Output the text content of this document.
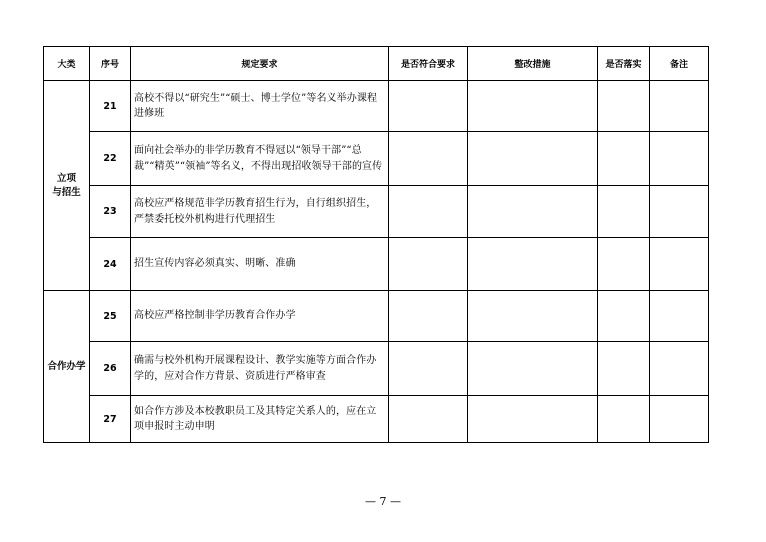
大类	序号	规定要求	是否符合要求	整改措施	是否落实	备注

立项
与招生	21	高校不得以“研究生”“硕士、博士学位”等名义举办课程进修班				
	22	面向社会举办的非学历教育不得冠以“领导干部”“总裁”“精英”“领袖”等名义，不得出现招收领导干部的宣传				
	23	高校应严格规范非学历教育招生行为，自行组织招生，严禁委托校外机构进行代理招生				
	24	招生宣传内容必须真实、明晰、准确				

合作办学	25	高校应严格控制非学历教育合作办学				
	26	确需与校外机构开展课程设计、教学实施等方面合作办学的，应对合作方背景、资质进行严格审查				
	27	如合作方涉及本校教职员工及其特定关系人的，应在立项申报时主动申明				
— 7 —
